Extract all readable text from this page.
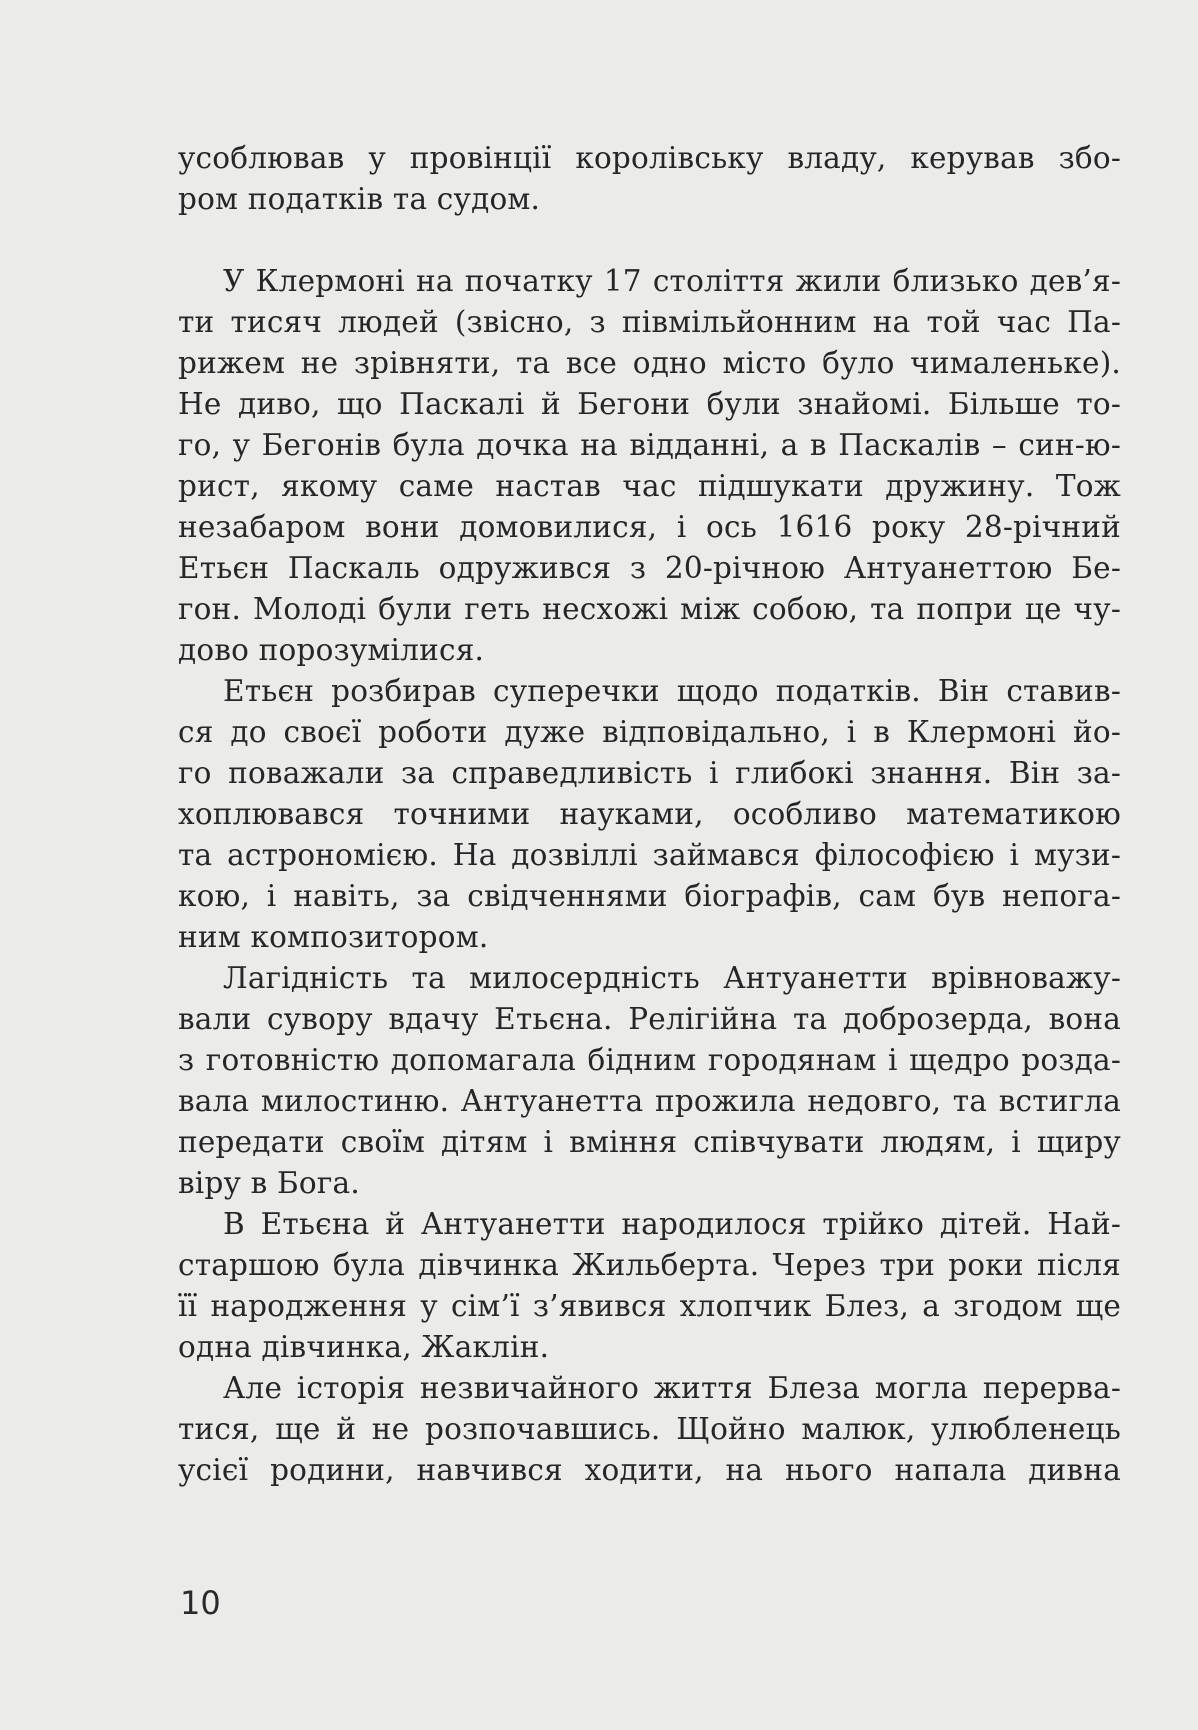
усоблював у провінції королівську владу, керував збо-
ром податків та судом.
У Клермоні на початку 17 століття жили близько дев’я-
ти тисяч людей (звісно, з півмільйонним на той час Па-
рижем не зрівняти, та все одно місто було чималеньке).
Не диво, що Паскалі й Бегони були знайомі. Більше то-
го, у Бегонів була дочка на відданні, а в Паскалів – син-ю-
рист, якому саме настав час підшукати дружину. Тож
незабаром вони домовилися, і ось 1616 року 28-річний
Етьєн Паскаль одружився з 20-річною Антуанеттою Бе-
гон. Молоді були геть несхожі між собою, та попри це чу-
дово порозумілися.
Етьєн розбирав суперечки щодо податків. Він ставив-
ся до своєї роботи дуже відповідально, і в Клермоні йо-
го поважали за справедливість і глибокі знання. Він за-
хоплювався точними науками, особливо математикою
та астрономією. На дозвіллі займався філософією і музи-
кою, і навіть, за свідченнями біографів, сам був непога-
ним композитором.
Лагідність та милосердність Антуанетти врівноважу-
вали сувору вдачу Етьєна. Релігійна та доброзерда, вона
з готовністю допомагала бідним городянам і щедро розда-
вала милостиню. Антуанетта прожила недовго, та встигла
передати своїм дітям і вміння співчувати людям, і щиру
віру в Бога.
В Етьєна й Антуанетти народилося трійко дітей. Най-
старшою була дівчинка Жильберта. Через три роки після
її народження у сім’ї з’явився хлопчик Блез, а згодом ще
одна дівчинка, Жаклін.
Але історія незвичайного життя Блеза могла перерва-
тися, ще й не розпочавшись. Щойно малюк, улюбленець
усієї родини, навчився ходити, на нього напала дивна
10
